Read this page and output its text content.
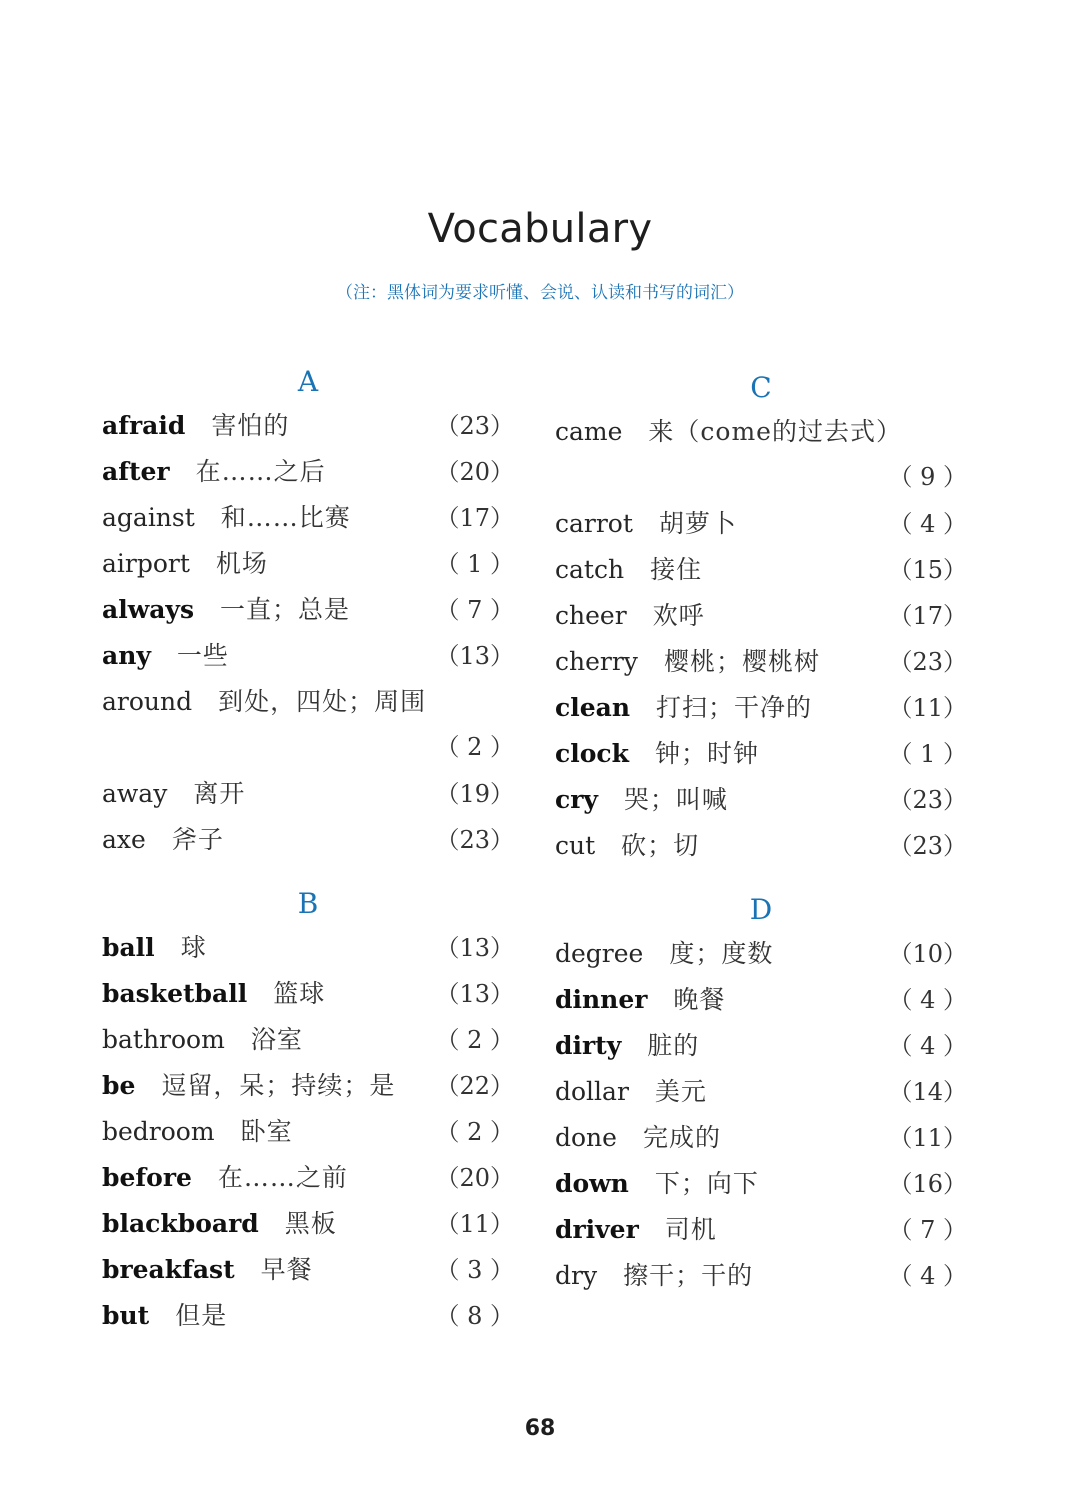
Vocabulary
（注：黑体词为要求听懂、会说、认读和书写的词汇）
A
afraid 害怕的	（23）
after 在……之后	（20）
against 和……比赛	（17）
airport 机场	（ 1 ）
always 一直；总是	（ 7 ）
any 一些	（13）
around 到处，四处；周围
（ 2 ）
away 离开	（19）
axe 斧子	（23）
B
ball 球	（13）
basketball 篮球	（13）
bathroom 浴室	（ 2 ）
be 逗留，呆；持续；是 （22）
bedroom 卧室	（ 2 ）
before 在……之前	（20）
blackboard 黑板	（11）
breakfast 早餐	（ 3 ）
but 但是	（ 8 ）
C
came 来（come的过去式）
（ 9 ）
carrot 胡萝卜	（ 4 ）
catch 接住	（15）
cheer 欢呼	（17）
cherry 樱桃；樱桃树	（23）
clean 打扫；干净的	（11）
clock 钟；时钟	（ 1 ）
cry 哭；叫喊	（23）
cut 砍；切	（23）
D
degree 度；度数	（10）
dinner 晚餐	（ 4 ）
dirty 脏的	（ 4 ）
dollar 美元	（14）
done 完成的	（11）
down 下；向下	（16）
driver 司机	（ 7 ）
dry 擦干；干的	（ 4 ）
68
